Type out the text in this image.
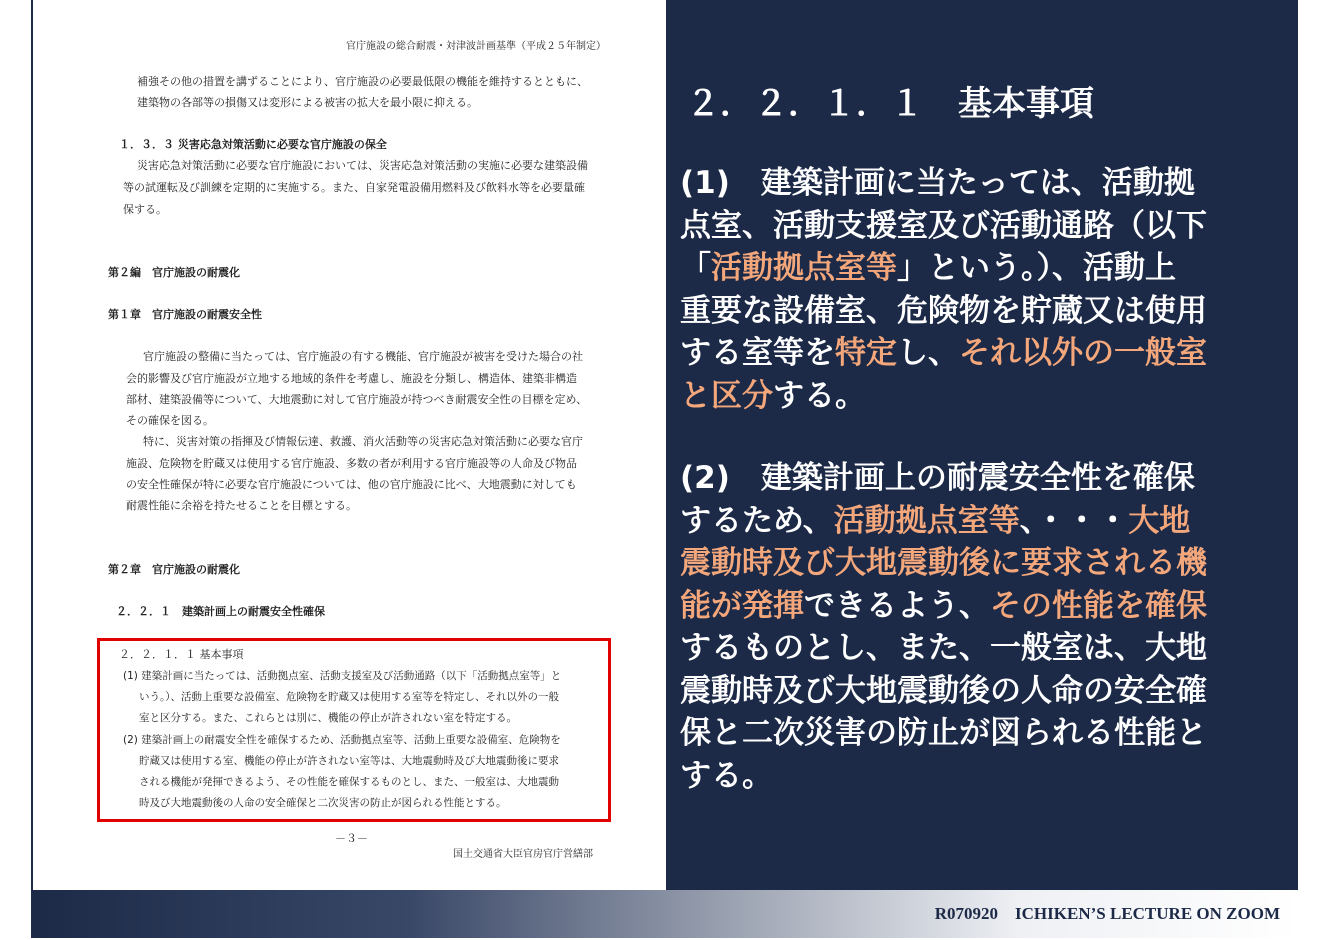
官庁施設の総合耐震・対津波計画基準（平成２５年制定）
補強その他の措置を講ずることにより、官庁施設の必要最低限の機能を維持するとともに、
建築物の各部等の損傷又は変形による被害の拡大を最小限に抑える。
１．３．３ 災害応急対策活動に必要な官庁施設の保全
災害応急対策活動に必要な官庁施設においては、災害応急対策活動の実施に必要な建築設備
等の試運転及び訓練を定期的に実施する。また、自家発電設備用燃料及び飲料水等を必要量確
保する。
第２編　官庁施設の耐震化
第１章　官庁施設の耐震安全性
官庁施設の整備に当たっては、官庁施設の有する機能、官庁施設が被害を受けた場合の社
会的影響及び官庁施設が立地する地域的条件を考慮し、施設を分類し、構造体、建築非構造
部材、建築設備等について、大地震動に対して官庁施設が持つべき耐震安全性の目標を定め、
その確保を図る。
特に、災害対策の指揮及び情報伝達、救護、消火活動等の災害応急対策活動に必要な官庁
施設、危険物を貯蔵又は使用する官庁施設、多数の者が利用する官庁施設等の人命及び物品
の安全性確保が特に必要な官庁施設については、他の官庁施設に比べ、大地震動に対しても
耐震性能に余裕を持たせることを目標とする。
第２章　官庁施設の耐震化
２．２．１　建築計画上の耐震安全性確保
２．２．１．１ 基本事項
(1) 建築計画に当たっては、活動拠点室、活動支援室及び活動通路（以下「活動拠点室等」と
いう。）、活動上重要な設備室、危険物を貯蔵又は使用する室等を特定し、それ以外の一般
室と区分する。また、これらとは別に、機能の停止が許されない室を特定する。
(2) 建築計画上の耐震安全性を確保するため、活動拠点室等、活動上重要な設備室、危険物を
貯蔵又は使用する室、機能の停止が許されない室等は、大地震動時及び大地震動後に要求
される機能が発揮できるよう、その性能を確保するものとし、また、一般室は、大地震動
時及び大地震動後の人命の安全確保と二次災害の防止が図られる性能とする。
－３－
国土交通省大臣官房官庁営繕部
２．２．１．１　基本事項
(1)　建築計画に当たっては、活動拠
点室、活動支援室及び活動通路（以下
「活動拠点室等」という。）、活動上
重要な設備室、危険物を貯蔵又は使用
する室等を特定し、それ以外の一般室
と区分する。
(2)　建築計画上の耐震安全性を確保
するため、活動拠点室等、・・・大地
震動時及び大地震動後に要求される機
能が発揮できるよう、その性能を確保
するものとし、また、一般室は、大地
震動時及び大地震動後の人命の安全確
保と二次災害の防止が図られる性能と
する。
R070920　ICHIKEN’S LECTURE ON ZOOM
